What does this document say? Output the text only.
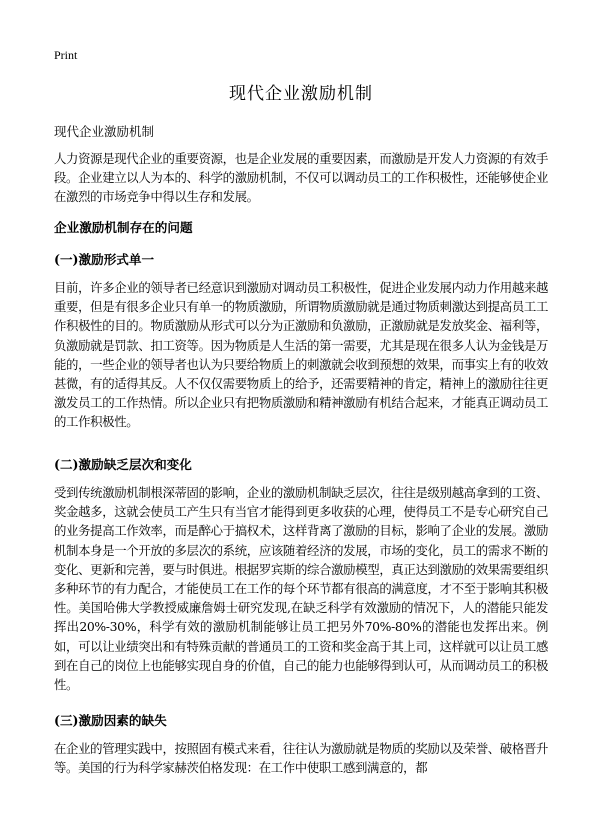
Print
现代企业激励机制
现代企业激励机制

人力资源是现代企业的重要资源，也是企业发展的重要因素，而激励是开发人力资源的有效手段。企业建立以人为本的、科学的激励机制，不仅可以调动员工的工作积极性，还能够使企业在激烈的市场竞争中得以生存和发展。

企业激励机制存在的问题
(一)激励形式单一

目前，许多企业的领导者已经意识到激励对调动员工积极性，促进企业发展内动力作用越来越重要，但是有很多企业只有单一的物质激励，所谓物质激励就是通过物质刺激达到提高员工工作积极性的目的。物质激励从形式可以分为正激励和负激励，正激励就是发放奖金、福利等，负激励就是罚款、扣工资等。因为物质是人生活的第一需要，尤其是现在很多人认为金钱是万能的，一些企业的领导者也认为只要给物质上的刺激就会收到预想的效果，而事实上有的收效甚微，有的适得其反。人不仅仅需要物质上的给予，还需要精神的肯定，精神上的激励往往更激发员工的工作热情。所以企业只有把物质激励和精神激励有机结合起来，才能真正调动员工的工作积极性。

(二)激励缺乏层次和变化

受到传统激励机制根深蒂固的影响，企业的激励机制缺乏层次，往往是级别越高拿到的工资、奖金越多，这就会使员工产生只有当官才能得到更多收获的心理，使得员工不是专心研究自己的业务提高工作效率，而是醉心于搞权术，这样背离了激励的目标，影响了企业的发展。激励机制本身是一个开放的多层次的系统，应该随着经济的发展，市场的变化，员工的需求不断的变化、更新和完善，要与时俱进。根据罗宾斯的综合激励模型，真正达到激励的效果需要组织多种环节的有力配合，才能使员工在工作的每个环节都有很高的满意度，才不至于影响其积极性。美国哈佛大学教授威廉詹姆士研究发现,在缺乏科学有效激励的情况下，人的潜能只能发挥出20%-30%，科学有效的激励机制能够让员工把另外70%-80%的潜能也发挥出来。例如，可以让业绩突出和有特殊贡献的普通员工的工资和奖金高于其上司，这样就可以让员工感到在自己的岗位上也能够实现自身的价值，自己的能力也能够得到认可，从而调动员工的积极性。

(三)激励因素的缺失

在企业的管理实践中，按照固有模式来看，往往认为激励就是物质的奖励以及荣誉、破格晋升等。美国的行为科学家赫茨伯格发现：在工作中使职工感到满意的，都
